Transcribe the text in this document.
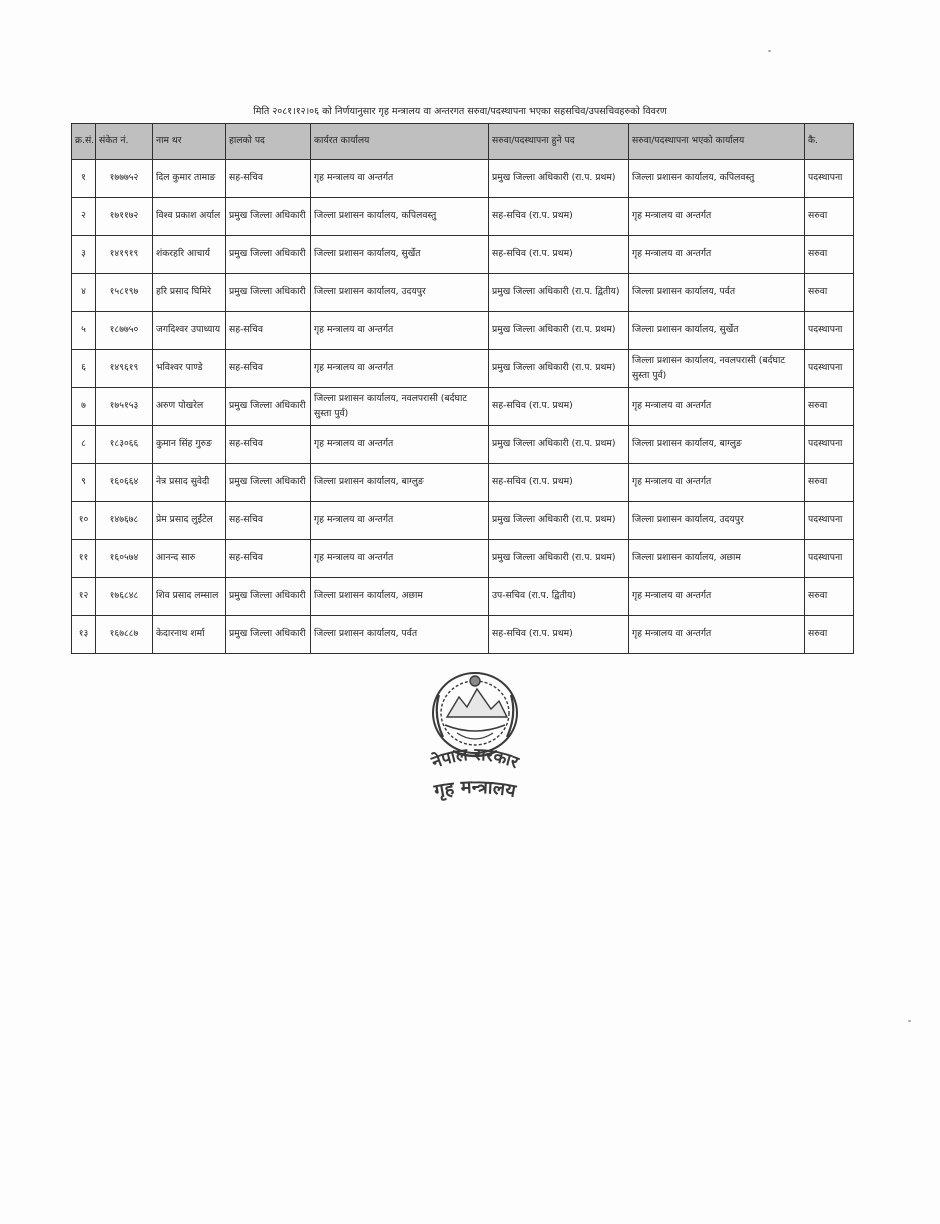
मिति २०८१।१२।०६ को निर्णयानुसार गृह मन्त्रालय वा अन्तरगत सरुवा/पदस्थापना भएका सहसचिव/उपसचिवहरुको विवरण
क्र.सं.	संकेत नं.	नाम थर	हालको पद	कार्यरत कार्यालय	सरुवा/पदस्थापना हुने पद	सरुवा/पदस्थापना भएको कार्यालय	कै.
१	१७७७५२	दिल कुमार तामाङ	सह-सचिव	गृह मन्त्रालय वा अन्तर्गत	प्रमुख जिल्ला अधिकारी (रा.प. प्रथम)	जिल्ला प्रशासन कार्यालय, कपिलवस्तु	पदस्थापना
२	१७११७२	विश्व प्रकाश अर्याल	प्रमुख जिल्ला अधिकारी	जिल्ला प्रशासन कार्यालय, कपिलवस्तु	सह-सचिव (रा.प. प्रथम)	गृह मन्त्रालय वा अन्तर्गत	सरुवा
३	१४१९१९	शंकरहरि आचार्य	प्रमुख जिल्ला अधिकारी	जिल्ला प्रशासन कार्यालय, सुर्खेत	सह-सचिव (रा.प. प्रथम)	गृह मन्त्रालय वा अन्तर्गत	सरुवा
४	१५८१९७	हरि प्रसाद घिमिरे	प्रमुख जिल्ला अधिकारी	जिल्ला प्रशासन कार्यालय, उदयपुर	प्रमुख जिल्ला अधिकारी (रा.प. द्वितीय)	जिल्ला प्रशासन कार्यालय, पर्वत	सरुवा
५	१८७७५०	जगदिश्वर उपाध्याय	सह-सचिव	गृह मन्त्रालय वा अन्तर्गत	प्रमुख जिल्ला अधिकारी (रा.प. प्रथम)	जिल्ला प्रशासन कार्यालय, सुर्खेत	पदस्थापना
६	१४९६१९	भविश्वर पाण्डे	सह-सचिव	गृह मन्त्रालय वा अन्तर्गत	प्रमुख जिल्ला अधिकारी (रा.प. प्रथम)	जिल्ला प्रशासन कार्यालय, नवलपरासी (बर्दघाट सुस्ता पुर्व)	पदस्थापना
७	१७५१५३	अरुण पोखरेल	प्रमुख जिल्ला अधिकारी	जिल्ला प्रशासन कार्यालय, नवलपरासी (बर्दघाट सुस्ता पुर्व)	सह-सचिव (रा.प. प्रथम)	गृह मन्त्रालय वा अन्तर्गत	सरुवा
८	१८३०६६	कुमान सिंह गुरुङ	सह-सचिव	गृह मन्त्रालय वा अन्तर्गत	प्रमुख जिल्ला अधिकारी (रा.प. प्रथम)	जिल्ला प्रशासन कार्यालय, बाग्लुङ	पदस्थापना
९	१६०६६४	नेत्र प्रसाद सुवेदी	प्रमुख जिल्ला अधिकारी	जिल्ला प्रशासन कार्यालय, बाग्लुङ	सह-सचिव (रा.प. प्रथम)	गृह मन्त्रालय वा अन्तर्गत	सरुवा
१०	१४७६७८	प्रेम प्रसाद लुईंटेल	सह-सचिव	गृह मन्त्रालय वा अन्तर्गत	प्रमुख जिल्ला अधिकारी (रा.प. प्रथम)	जिल्ला प्रशासन कार्यालय, उदयपुर	पदस्थापना
११	१६०५७४	आनन्द सारु	सह-सचिव	गृह मन्त्रालय वा अन्तर्गत	प्रमुख जिल्ला अधिकारी (रा.प. प्रथम)	जिल्ला प्रशासन कार्यालय, अछाम	पदस्थापना
१२	१७६८४८	शिव प्रसाद लम्साल	प्रमुख जिल्ला अधिकारी	जिल्ला प्रशासन कार्यालय, अछाम	उप-सचिव (रा.प. द्वितीय)	गृह मन्त्रालय वा अन्तर्गत	सरुवा
१३	१६७८८७	केदारनाथ शर्मा	प्रमुख जिल्ला अधिकारी	जिल्ला प्रशासन कार्यालय, पर्वत	सह-सचिव (रा.प. प्रथम)	गृह मन्त्रालय वा अन्तर्गत	सरुवा
नेपाल सरकार
गृह मन्त्रालय
